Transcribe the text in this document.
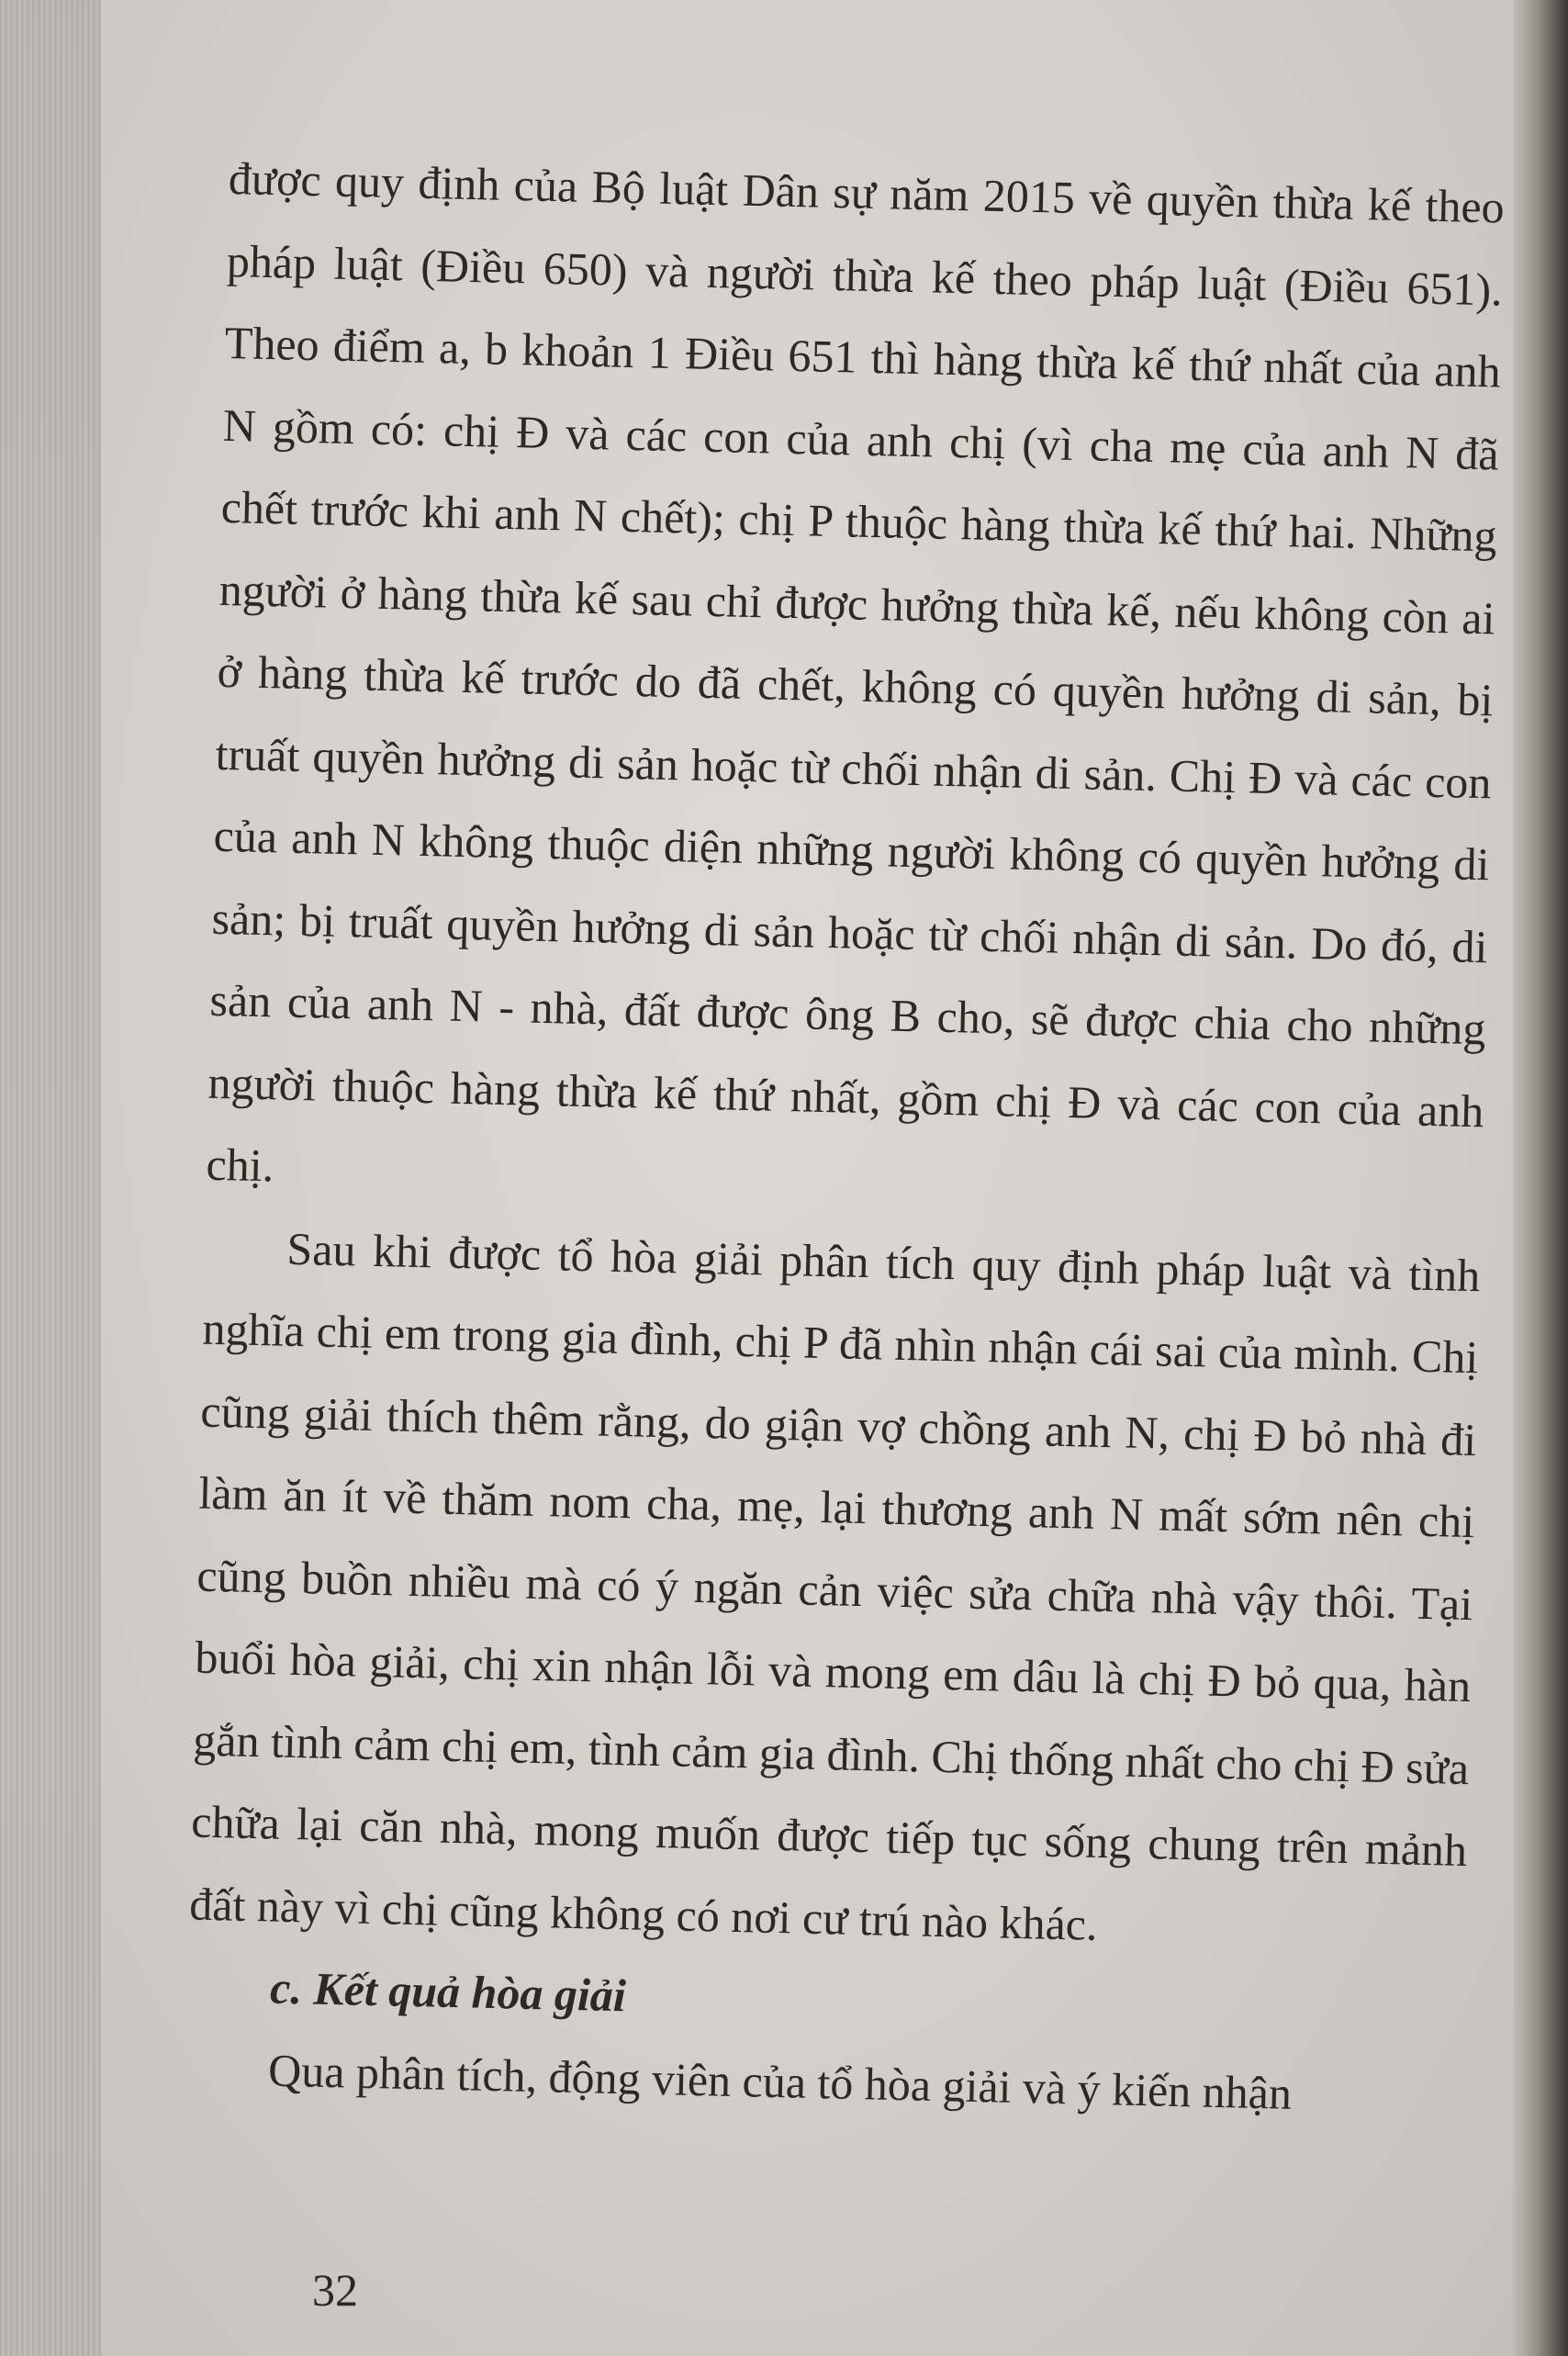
được quy định của Bộ luật Dân sự năm 2015 về quyền thừa kế theo pháp luật (Điều 650) và người thừa kế theo pháp luật (Điều 651). Theo điểm a, b khoản 1 Điều 651 thì hàng thừa kế thứ nhất của anh N gồm có: chị Đ và các con của anh chị (vì cha mẹ của anh N đã chết trước khi anh N chết); chị P thuộc hàng thừa kế thứ hai. Những người ở hàng thừa kế sau chỉ được hưởng thừa kế, nếu không còn ai ở hàng thừa kế trước do đã chết, không có quyền hưởng di sản, bị truất quyền hưởng di sản hoặc từ chối nhận di sản. Chị Đ và các con của anh N không thuộc diện những người không có quyền hưởng di sản; bị truất quyền hưởng di sản hoặc từ chối nhận di sản. Do đó, di sản của anh N - nhà, đất được ông B cho, sẽ được chia cho những người thuộc hàng thừa kế thứ nhất, gồm chị Đ và các con của anh chị.

Sau khi được tổ hòa giải phân tích quy định pháp luật và tình nghĩa chị em trong gia đình, chị P đã nhìn nhận cái sai của mình. Chị cũng giải thích thêm rằng, do giận vợ chồng anh N, chị Đ bỏ nhà đi làm ăn ít về thăm nom cha, mẹ, lại thương anh N mất sớm nên chị cũng buồn nhiều mà có ý ngăn cản việc sửa chữa nhà vậy thôi. Tại buổi hòa giải, chị xin nhận lỗi và mong em dâu là chị Đ bỏ qua, hàn gắn tình cảm chị em, tình cảm gia đình. Chị thống nhất cho chị Đ sửa chữa lại căn nhà, mong muốn được tiếp tục sống chung trên mảnh đất này vì chị cũng không có nơi cư trú nào khác.

c. Kết quả hòa giải

Qua phân tích, động viên của tổ hòa giải và ý kiến nhận

32
